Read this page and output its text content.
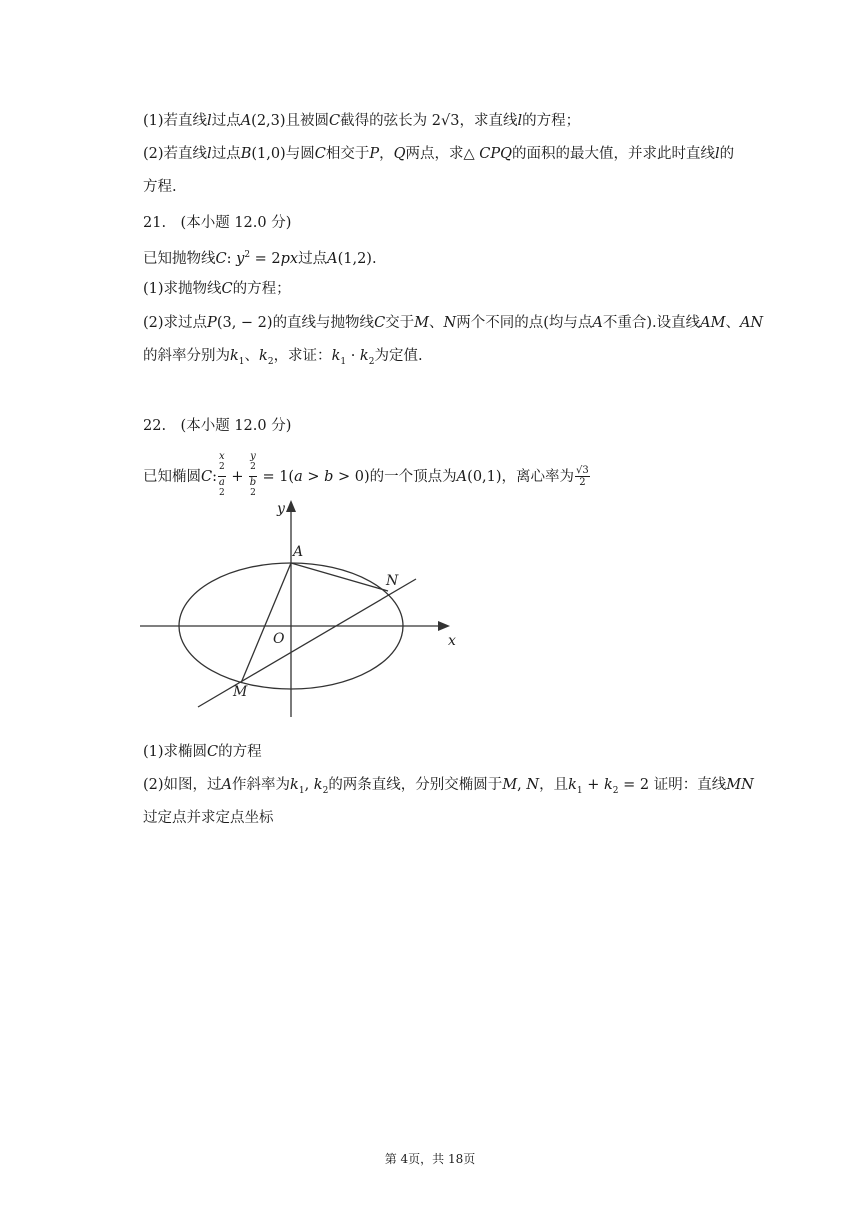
(1)若直线l过点A(2,3)且被圆C截得的弦长为 2√3，求直线l的方程；
(2)若直线l过点B(1,0)与圆C相交于P，Q两点，求△ CPQ的面积的最大值，并求此时直线l的
方程.
21.　(本小题 12.0 分)
已知抛物线C: $y^2 = 2px$过点A(1,2).
(1)求抛物线C的方程；
(2)求过点P(3, − 2)的直线与抛物线C交于M、N两个不同的点(均与点A不重合).设直线AM、AN
的斜率分别为$k_1$、$k_2$，求证：$k_1 \cdot k_2$为定值.
22.　(本小题 12.0 分)
已知椭圆C: x
$^2$
a
$^2$ + y
$^2$
b
$^2$ = 1(a > b > 0)的一个顶点为A(0,1)，离心率为 $\frac{√3}{2}$
y
x
O
A
N
M
(1)求椭圆C的方程
(2)如图，过A作斜率为$k_1$, $k_2$的两条直线，分别交椭圆于M, N，且$k_1 + k_2 = 2$ 证明：直线MN
过定点并求定点坐标
第 4页，共 18页
